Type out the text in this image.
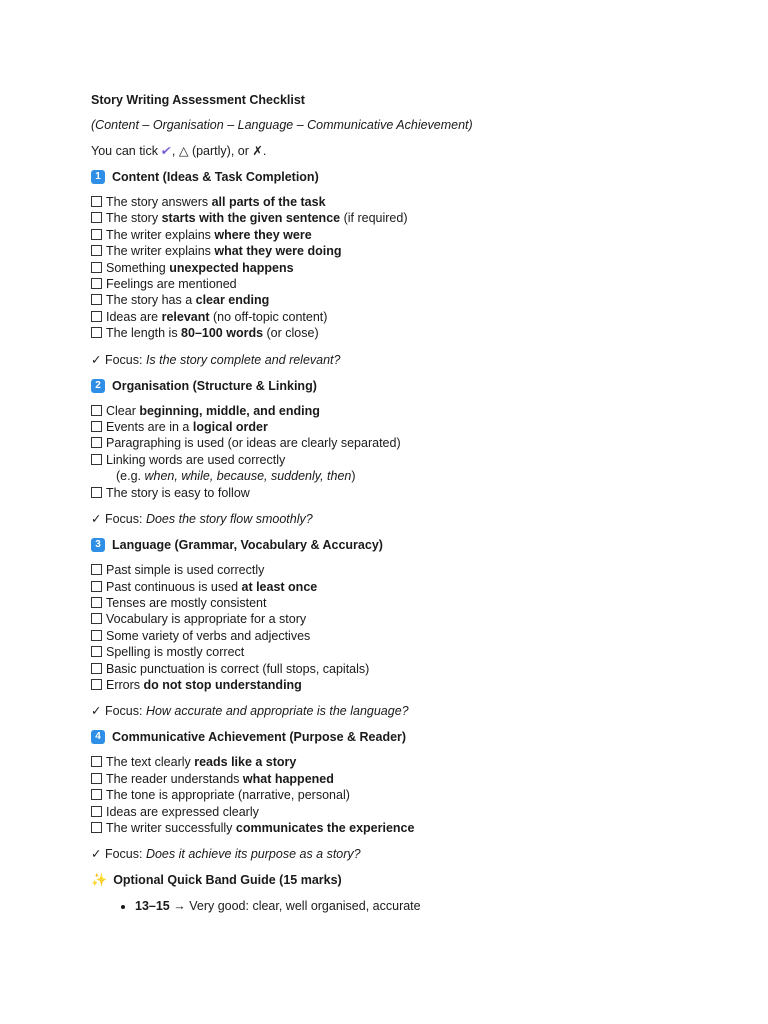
Story Writing Assessment Checklist
(Content – Organisation – Language – Communicative Achievement)
You can tick ✔, △ (partly), or ✗.
1 Content (Ideas & Task Completion)
The story answers all parts of the task
The story starts with the given sentence (if required)
The writer explains where they were
The writer explains what they were doing
Something unexpected happens
Feelings are mentioned
The story has a clear ending
Ideas are relevant (no off-topic content)
The length is 80–100 words (or close)
✓ Focus: Is the story complete and relevant?
2 Organisation (Structure & Linking)
Clear beginning, middle, and ending
Events are in a logical order
Paragraphing is used (or ideas are clearly separated)
Linking words are used correctly
(e.g. when, while, because, suddenly, then)
The story is easy to follow
✓ Focus: Does the story flow smoothly?
3 Language (Grammar, Vocabulary & Accuracy)
Past simple is used correctly
Past continuous is used at least once
Tenses are mostly consistent
Vocabulary is appropriate for a story
Some variety of verbs and adjectives
Spelling is mostly correct
Basic punctuation is correct (full stops, capitals)
Errors do not stop understanding
✓ Focus: How accurate and appropriate is the language?
4 Communicative Achievement (Purpose & Reader)
The text clearly reads like a story
The reader understands what happened
The tone is appropriate (narrative, personal)
Ideas are expressed clearly
The writer successfully communicates the experience
✓ Focus: Does it achieve its purpose as a story?
✨ Optional Quick Band Guide (15 marks)
• 13–15 → Very good: clear, well organised, accurate
